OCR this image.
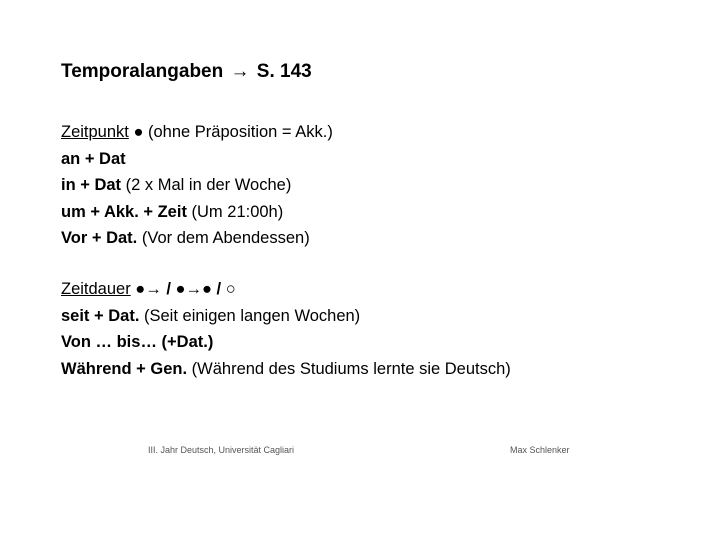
Temporalangaben → S. 143
Zeitpunkt ● (ohne Präposition = Akk.)
an + Dat
in + Dat (2 x Mal in der Woche)
um + Akk. + Zeit (Um 21:00h)
Vor + Dat. (Vor dem Abendessen)
Zeitdauer ●→ / ●→● / ○
seit + Dat. (Seit einigen langen Wochen)
Von … bis… (+Dat.)
Während + Gen. (Während des Studiums lernte sie Deutsch)
III. Jahr Deutsch, Universität Cagliari	Max Schlenker
